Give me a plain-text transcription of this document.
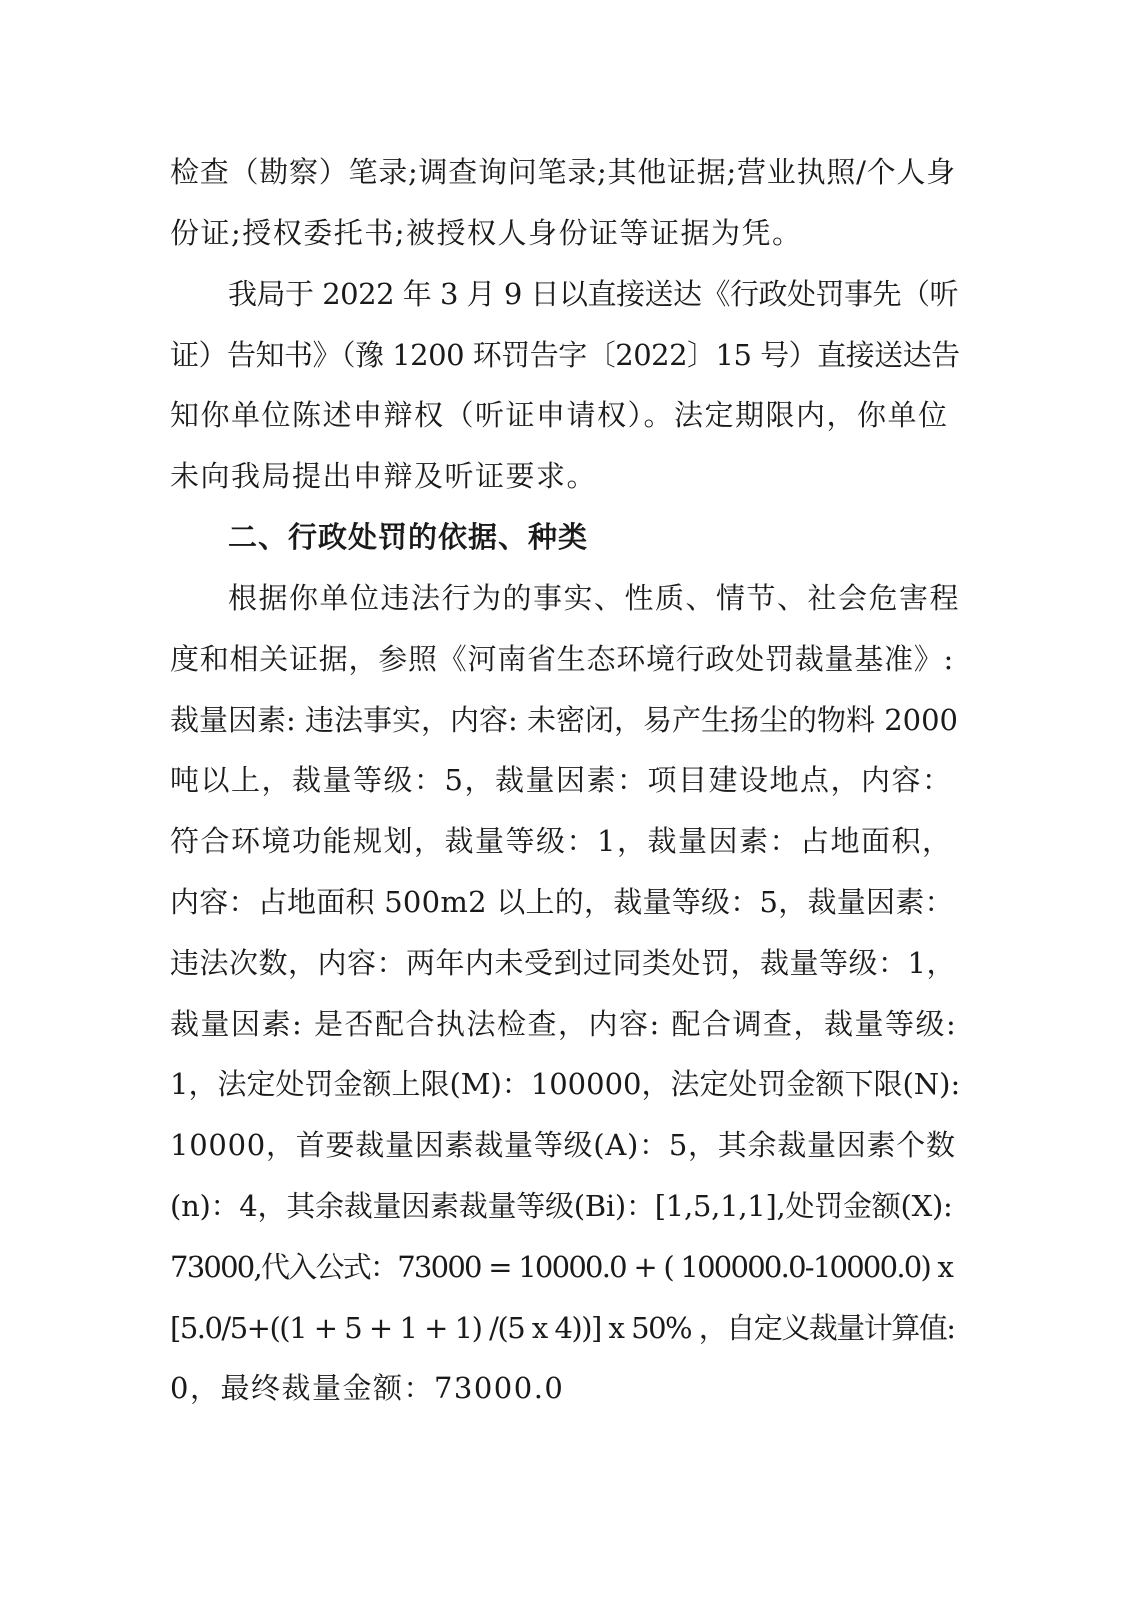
检查（勘察）笔录;调查询问笔录;其他证据;营业执照/个人身
份证;授权委托书;被授权人身份证等证据为凭。
我局于 2022 年 3 月 9 日以直接送达《行政处罚事先（听
证）告知书》（豫 1200 环罚告字〔2022〕15 号）直接送达告
知你单位陈述申辩权（听证申请权）。法定期限内，你单位
未向我局提出申辩及听证要求。
二、行政处罚的依据、种类
根据你单位违法行为的事实、性质、情节、社会危害程
度和相关证据，参照《河南省生态环境行政处罚裁量基准》:
裁量因素: 违法事实，内容: 未密闭，易产生扬尘的物料 2000
吨以上，裁量等级：5，裁量因素：项目建设地点，内容：
符合环境功能规划，裁量等级：1，裁量因素：占地面积，
内容：占地面积 500m2 以上的，裁量等级：5，裁量因素：
违法次数，内容：两年内未受到过同类处罚，裁量等级：1，
裁量因素: 是否配合执法检查，内容: 配合调查，裁量等级:
1，法定处罚金额上限(M)：100000，法定处罚金额下限(N):
10000，首要裁量因素裁量等级(A)：5，其余裁量因素个数
(n)：4，其余裁量因素裁量等级(Bi)：[1,5,1,1],处罚金额(X):
73000,代入公式：73000 = 10000.0 + ( 100000.0-10000.0) x
[5.0/5+((1 + 5 + 1 + 1) /(5 x 4))] x 50% ，自定义裁量计算值:
0，最终裁量金额：73000.0
